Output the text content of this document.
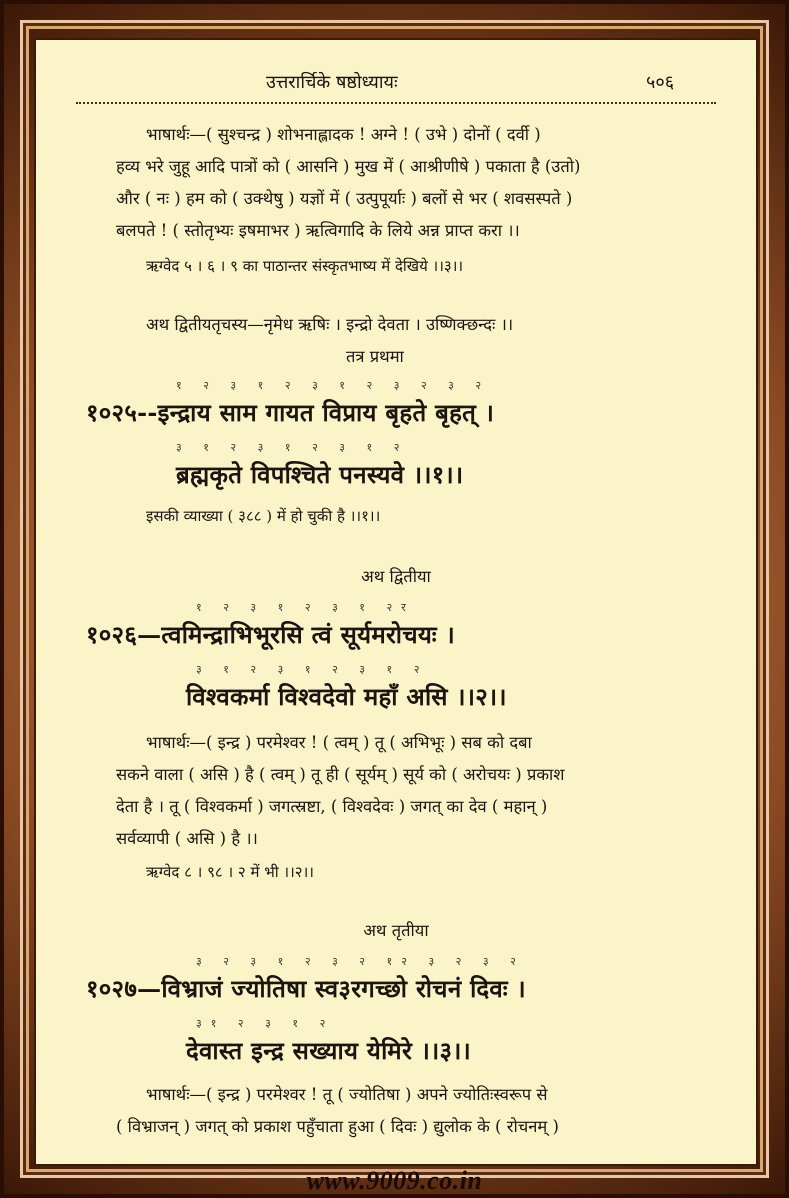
उत्तरार्चिके षष्ठोध्यायः	५०६
भाषार्थः—( सुश्चन्द्र ) शोभनाह्लादक ! अग्ने ! ( उभे ) दोनों ( दर्वी )
हव्य भरे जुहू आदि पात्रों को ( आसनि ) मुख में ( आश्रीणीषे ) पकाता है (उतो)
और ( नः ) हम को ( उक्थेषु ) यज्ञों में ( उत्पुपूर्याः ) बलों से भर ( शवसस्पते )
बलपते ! ( स्तोतृभ्यः इषमाभर ) ऋत्विगादि के लिये अन्न प्राप्त करा ।।
ऋग्वेद ५ । ६ । ९ का पाठान्तर संस्कृतभाष्य में देखिये ।।३।।
अथ द्वितीयतृचस्य—नृमेध ऋषिः । इन्द्रो देवता । उष्णिक्छन्दः ।।
तत्र प्रथमा
१ २ ३ १ २ ३ १ २ ३ २ ३ २
१०२५--इन्द्राय साम गायत विप्राय बृहते बृहत् ।
३ १ २ ३ १ २ ३ १ २
ब्रह्मकृते विपश्चिते पनस्यवे ।।१।।
इसकी व्याख्या ( ३८८ ) में हो चुकी है ।।१।।
अथ द्वितीया
१ २ ३ १ २ ३ १ २र
१०२६—त्वमिन्द्राभिभूरसि त्वं सूर्यमरोचयः ।
३ १ २ ३ १ २ ३ १ २
विश्वकर्मा विश्वदेवो महाँ असि ।।२।।
भाषार्थः—( इन्द्र ) परमेश्वर ! ( त्वम् ) तू ( अभिभूः ) सब को दबा
सकने वाला ( असि ) है ( त्वम् ) तू ही ( सूर्यम् ) सूर्य को ( अरोचयः ) प्रकाश
देता है । तू ( विश्वकर्मा ) जगत्स्रष्टा, ( विश्वदेवः ) जगत् का देव ( महान् )
सर्वव्यापी ( असि ) है ।।
ऋग्वेद ८ । ९८ । २ में भी ।।२।।
अथ तृतीया
३ २ ३ १ २ ३ २ १२ ३ २ ३ २
१०२७—विभ्राजं ज्योतिषा स्व३रगच्छो रोचनं दिवः ।
३१ २ ३ १ २
देवास्त इन्द्र सख्याय येमिरे ।।३।।
भाषार्थः—( इन्द्र ) परमेश्वर ! तू ( ज्योतिषा ) अपने ज्योतिःस्वरूप से
( विभ्राजन् ) जगत् को प्रकाश पहुँचाता हुआ ( दिवः ) द्युलोक के ( रोचनम् )
www.9009.co.in
